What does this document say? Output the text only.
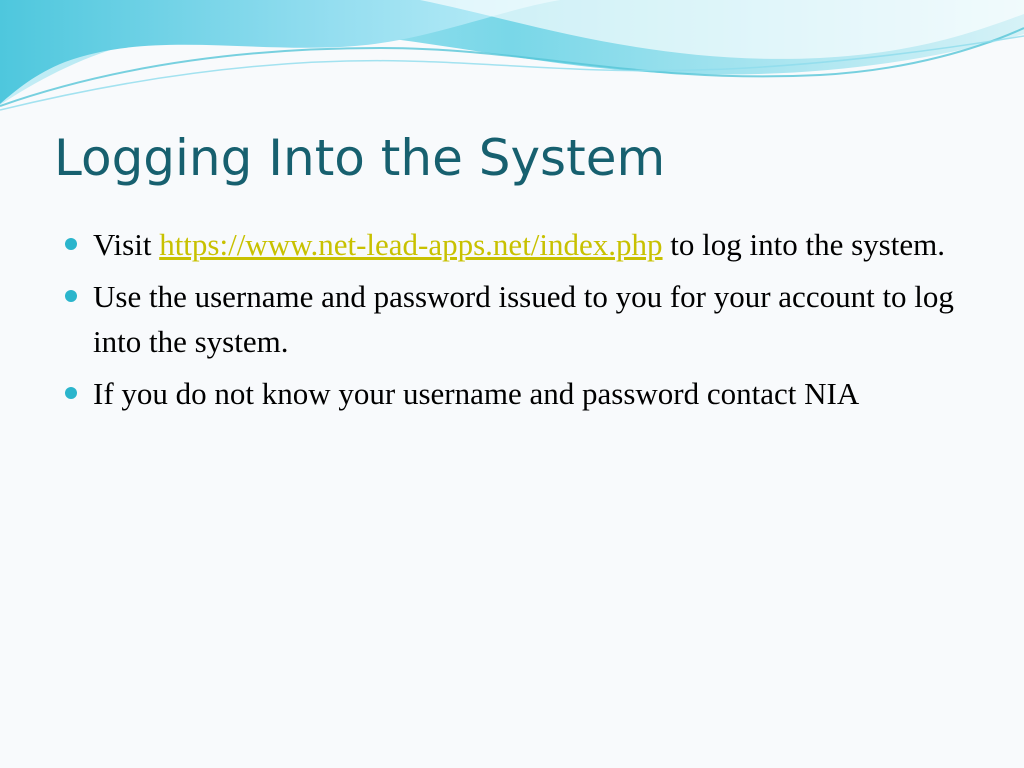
Logging Into the System
Visit https://www.net-lead-apps.net/index.php to log into the system.
Use the username and password issued to you for your account to log into the system.
If you do not know your username and password contact NIA
